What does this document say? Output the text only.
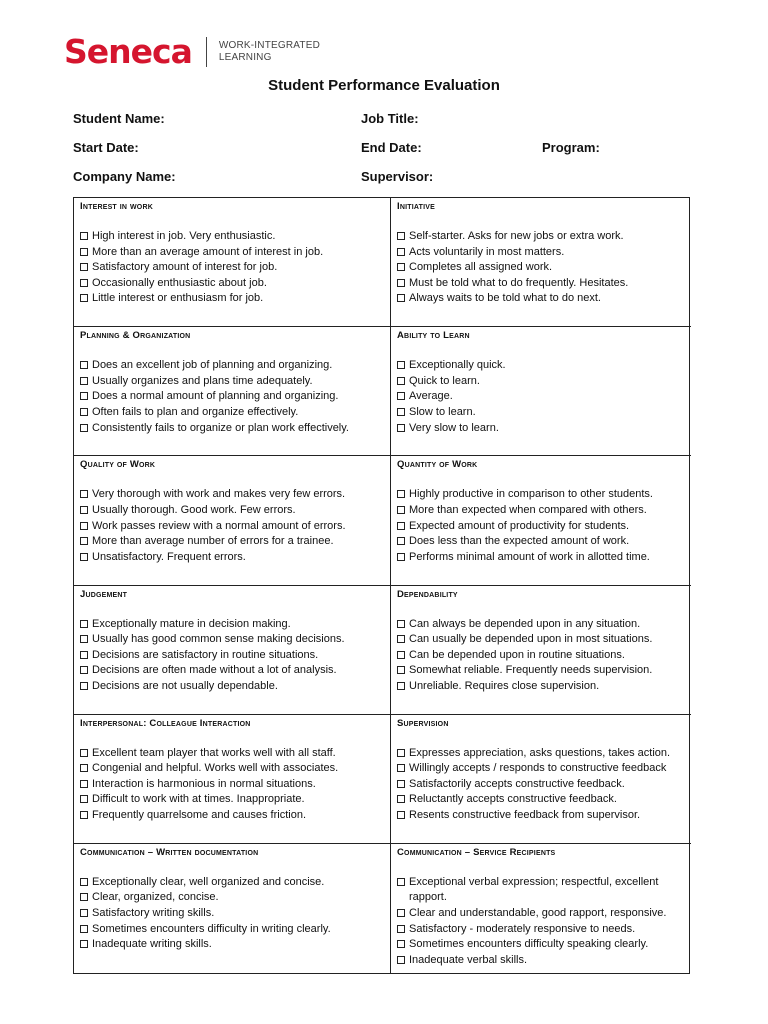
Seneca	WORK-INTEGRATED
LEARNING
Student Performance Evaluation
Student Name:	Job Title:
Start Date:	End Date:	Program:
Company Name:	Supervisor:
Interest in work
High interest in job. Very enthusiastic.
More than an average amount of interest in job.
Satisfactory amount of interest for job.
Occasionally enthusiastic about job.
Little interest or enthusiasm for job.
Initiative
Self-starter. Asks for new jobs or extra work.
Acts voluntarily in most matters.
Completes all assigned work.
Must be told what to do frequently. Hesitates.
Always waits to be told what to do next.
Planning & Organization
Does an excellent job of planning and organizing.
Usually organizes and plans time adequately.
Does a normal amount of planning and organizing.
Often fails to plan and organize effectively.
Consistently fails to organize or plan work effectively.
Ability to Learn
Exceptionally quick.
Quick to learn.
Average.
Slow to learn.
Very slow to learn.
Quality of Work
Very thorough with work and makes very few errors.
Usually thorough. Good work. Few errors.
Work passes review with a normal amount of errors.
More than average number of errors for a trainee.
Unsatisfactory. Frequent errors.
Quantity of Work
Highly productive in comparison to other students.
More than expected when compared with others.
Expected amount of productivity for students.
Does less than the expected amount of work.
Performs minimal amount of work in allotted time.
Judgement
Exceptionally mature in decision making.
Usually has good common sense making decisions.
Decisions are satisfactory in routine situations.
Decisions are often made without a lot of analysis.
Decisions are not usually dependable.
Dependability
Can always be depended upon in any situation.
Can usually be depended upon in most situations.
Can be depended upon in routine situations.
Somewhat reliable. Frequently needs supervision.
Unreliable. Requires close supervision.
Interpersonal: Colleague Interaction
Excellent team player that works well with all staff.
Congenial and helpful. Works well with associates.
Interaction is harmonious in normal situations.
Difficult to work with at times. Inappropriate.
Frequently quarrelsome and causes friction.
Supervision
Expresses appreciation, asks questions, takes action.
Willingly accepts / responds to constructive feedback
Satisfactorily accepts constructive feedback.
Reluctantly accepts constructive feedback.
Resents constructive feedback from supervisor.
Communication – Written documentation
Exceptionally clear, well organized and concise.
Clear, organized, concise.
Satisfactory writing skills.
Sometimes encounters difficulty in writing clearly.
Inadequate writing skills.
Communication – Service Recipients
Exceptional verbal expression; respectful, excellent rapport.
Clear and understandable, good rapport, responsive.
Satisfactory - moderately responsive to needs.
Sometimes encounters difficulty speaking clearly.
Inadequate verbal skills.
